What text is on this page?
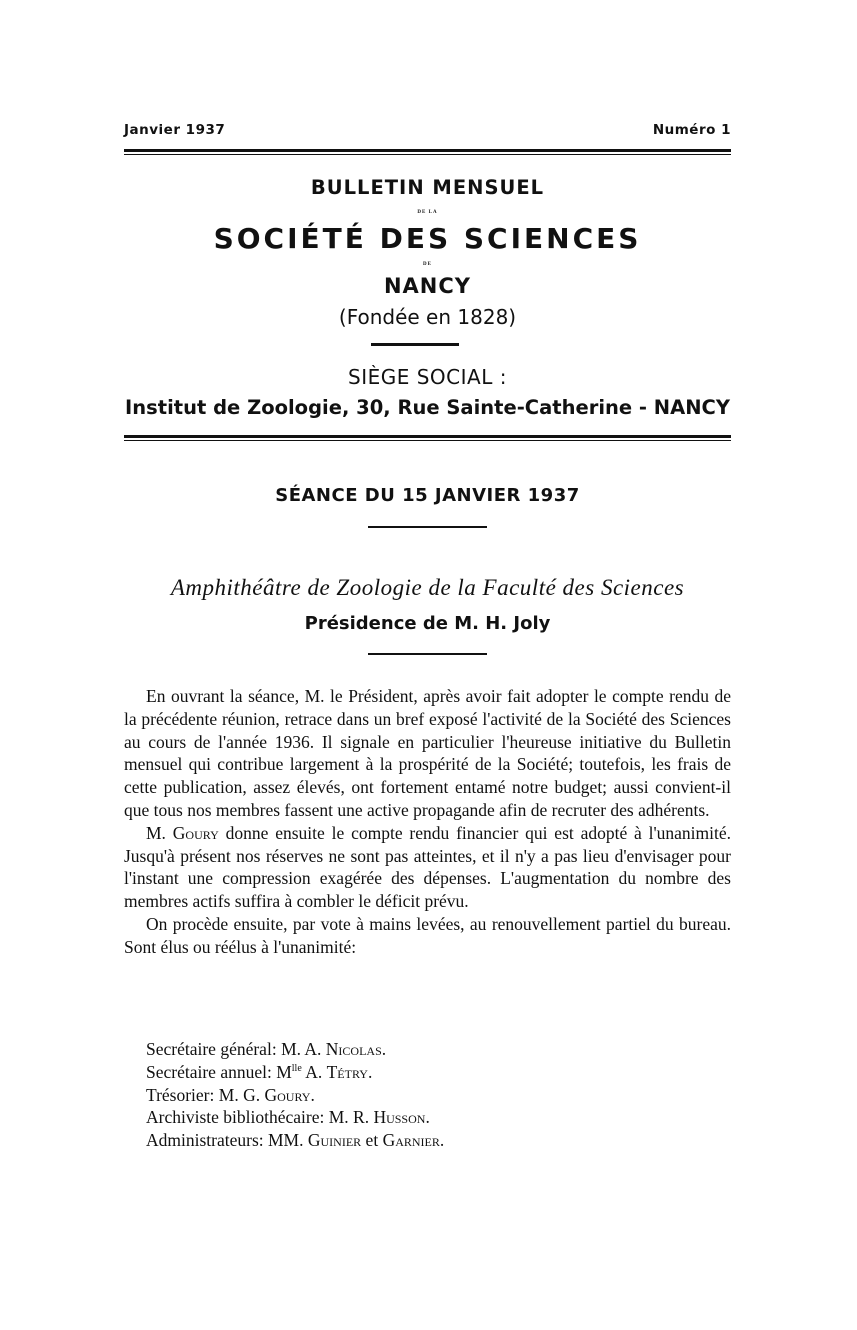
Janvier 1937	Numéro 1
BULLETIN MENSUEL
DE LA
SOCIÉTÉ DES SCIENCES
DE
NANCY
(Fondée en 1828)
SIÈGE SOCIAL :
Institut de Zoologie, 30, Rue Sainte-Catherine - NANCY
SÉANCE DU 15 JANVIER 1937
Amphithéâtre de Zoologie de la Faculté des Sciences
Présidence de M. H. Joly

En ouvrant la séance, M. le Président, après avoir fait adopter le compte rendu de la précédente réunion, retrace dans un bref exposé l'activité de la Société des Sciences au cours de l'année 1936. Il signale en particulier l'heureuse initiative du Bulletin mensuel qui contribue largement à la prospérité de la Société; toutefois, les frais de cette publication, assez élevés, ont fortement entamé notre budget; aussi convient-il que tous nos membres fassent une active propagande afin de recruter des adhérents.

M. Goury donne ensuite le compte rendu financier qui est adopté à l'unanimité. Jusqu'à présent nos réserves ne sont pas atteintes, et il n'y a pas lieu d'envisager pour l'instant une compression exagérée des dépenses. L'augmentation du nombre des membres actifs suffira à combler le déficit prévu.

On procède ensuite, par vote à mains levées, au renouvellement partiel du bureau. Sont élus ou réélus à l'unanimité:

Secrétaire général: M. A. Nicolas.
Secrétaire annuel: $M^{lle}$ A. Tétry.
Trésorier: M. G. Goury.
Archiviste bibliothécaire: M. R. Husson.
Administrateurs: MM. Guinier et Garnier.
